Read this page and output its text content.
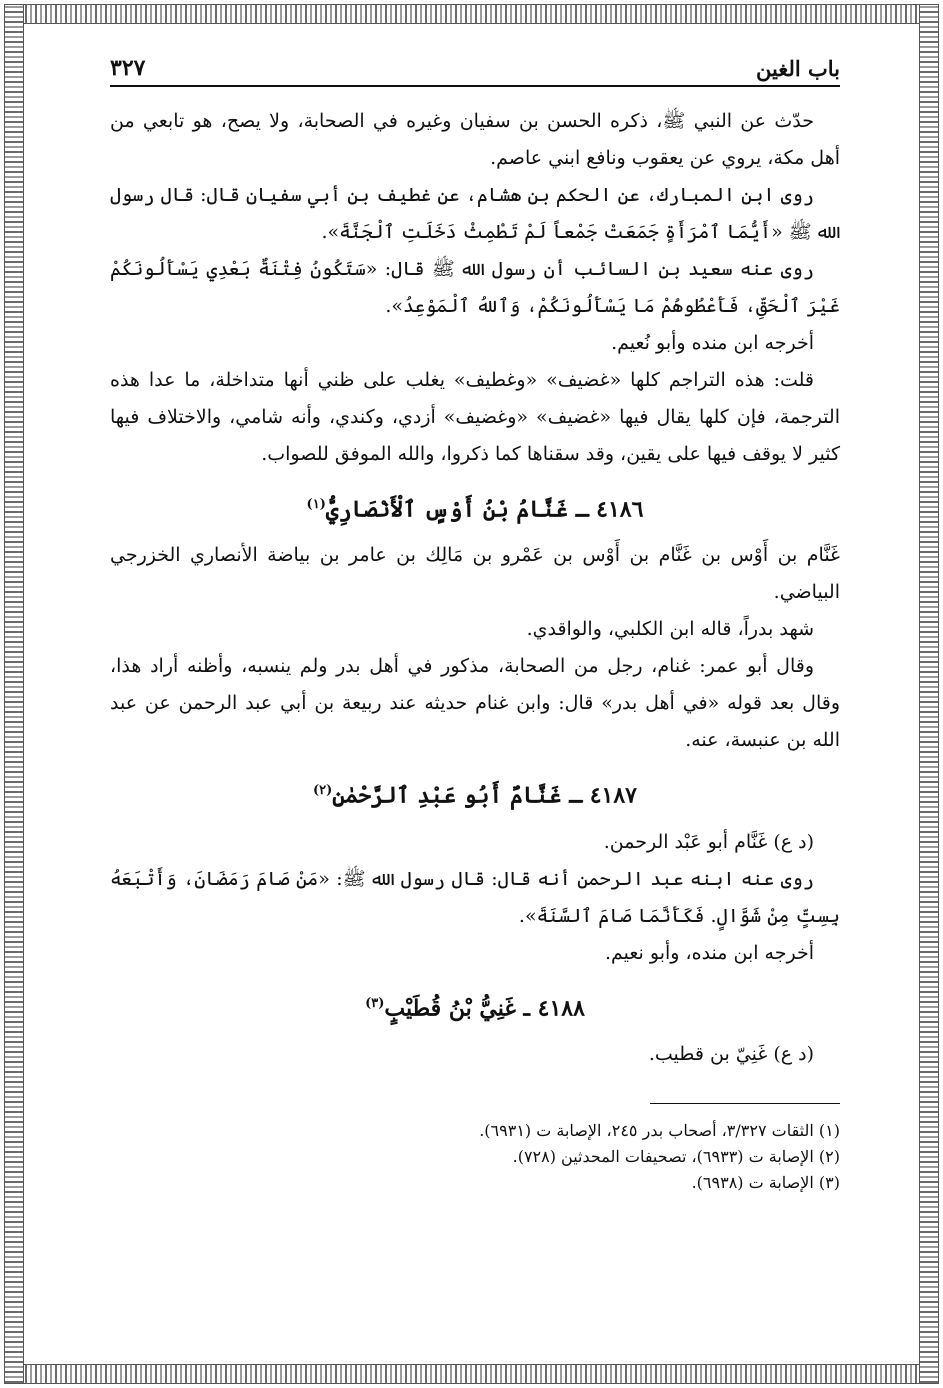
باب الغين
٣٢٧

حدّث عن النبي ﷺ، ذكره الحسن بن سفيان وغيره في الصحابة، ولا يصح، هو تابعي من أهل مكة، يروي عن يعقوب ونافع ابني عاصم.

روى ابن المبارك، عن الحكم بن هشام، عن غطيف بن أبي سفيان قال: قال رسول الله ﷺ «أَيُّمَا ٱمْرَأَةٍ جَمَعَتْ جَمْعاً لَمْ تَطْمِثْ دَخَلَتِ ٱلْجَنَّةَ».

روى عنه سعيد بن السائب أن رسول الله ﷺ قال: «سَتَكُونُ فِتْنَةٌ بَعْدِي يَسْأَلُونَكُمْ غَيْرَ ٱلْحَقِّ، فَأَعْطُوهُمْ مَا يَسْأَلُونَكُمْ، وَٱللهُ ٱلْمَوْعِدُ».

أخرجه ابن منده وأبو نُعيم.

قلت: هذه التراجم كلها «غضيف» «وغطيف» يغلب على ظني أنها متداخلة، ما عدا هذه الترجمة، فإن كلها يقال فيها «غضيف» «وغضيف» أزدي، وكندي، وأنه شامي، والاختلاف فيها كثير لا يوقف فيها على يقين، وقد سقناها كما ذكروا، والله الموفق للصواب.

٤١٨٦ ـ غَنَّامُ بْنُ أَوْسٍ ٱلْأَنْصَارِيُّ$^{(١)}$

غَنَّام بن أَوْس بن غَنَّام بن أَوْس بن عَمْرو بن مَالِك بن عامر بن بياضة الأنصاري الخزرجي البياضي.

شهد بدراً، قاله ابن الكلبي، والواقدي.

وقال أبو عمر: غنام، رجل من الصحابة، مذكور في أهل بدر ولم ينسبه، وأظنه أراد هذا، وقال بعد قوله «في أهل بدر» قال: وابن غنام حديثه عند ربيعة بن أبي عبد الرحمن عن عبد الله بن عنبسة، عنه.

٤١٨٧ ـ غَنَّامٌ أَبُو عَبْدِ ٱلرَّحْمٰنِ$^{(٢)}$

(د ع) غَنَّام أبو عَبْد الرحمن.

روى عنه ابنه عبد الرحمن أنه قال: قال رسول الله ﷺ: «مَنْ صَامَ رَمَضَانَ، وَأَتْبَعَهُ بِسِتٍّ مِنْ شَوَّالٍ. فَكَأَنَّمَا صَامَ ٱلسَّنَةَ».

أخرجه ابن منده، وأبو نعيم.

٤١٨٨ ـ غَنِيُّ بْنُ قُطَيْبٍ$^{(٣)}$

(د ع) غَنِيّ بن قطيب.

(١) الثقات ٣/٣٢٧، أصحاب بدر ٢٤٥، الإصابة ت (٦٩٣١).

(٢) الإصابة ت (٦٩٣٣)، تصحيفات المحدثين (٧٢٨).

(٣) الإصابة ت (٦٩٣٨).
